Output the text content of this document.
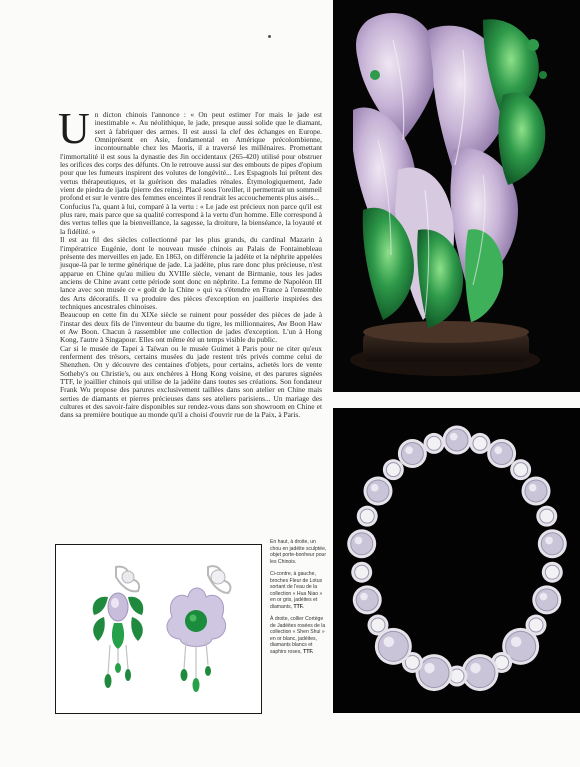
U n dicton chinois l'annonce : « On peut estimer l'or mais le jade est inestimable ». Au néolithique, le jade, presque aussi solide que le diamant, sert à fabriquer des armes. Il est aussi la clef des échanges en Europe. Omniprésent en Asie, fondamental en Amérique précolombienne, incontournable chez les Maoris, il a traversé les millénaires. Promettant l'immortalité il est sous la dynastie des Jin occidentaux (265-420) utilisé pour obstruer les orifices des corps des défunts. On le retrouve aussi sur des embouts de pipes d'opium pour que les fumeurs inspirent des volutes de longévité... Les Espagnols lui prêtent des vertus thérapeutiques, et la guérison des maladies rénales. Étymologiquement, Jade vient de piedra de ijada (pierre des reins). Placé sous l'oreiller, il permettrait un sommeil profond et sur le ventre des femmes enceintes il rendrait les accouchements plus aisés...

Confucius l'a, quant à lui, comparé à la vertu : « Le jade est précieux non parce qu'il est plus rare, mais parce que sa qualité correspond à la vertu d'un homme. Elle correspond à des vertus telles que la bienveillance, la sagesse, la droiture, la bienséance, la loyauté et la fidélité. »

Il est au fil des siècles collectionné par les plus grands, du cardinal Mazarin à l'impératrice Eugénie, dont le nouveau musée chinois au Palais de Fontainebleau présente des merveilles en jade. En 1863, on différencie la jadéite et la néphrite appelées jusque-là par le terme générique de jade. La jadéite, plus rare donc plus précieuse, n'est apparue en Chine qu'au milieu du XVIIIe siècle, venant de Birmanie, tous les jades anciens de Chine avant cette période sont donc en néphrite. La femme de Napoléon III lance avec son musée ce « goût de la Chine » qui va s'étendre en France à l'ensemble des Arts décoratifs. Il va produire des pièces d'exception en joaillerie inspirées des techniques ancestrales chinoises.

Beaucoup en cette fin du XIXe siècle se ruinent pour posséder des pièces de jade à l'instar des deux fils de l'inventeur du baume du tigre, les millionnaires, Aw Boon Haw et Aw Boon. Chacun à rassembler une collection de jades d'exception. L'un à Hong Kong, l'autre à Singapour. Elles ont même été un temps visible du public.

Car si le musée de Tapei à Taïwan ou le musée Guimet à Paris pour ne citer qu'eux renferment des trésors, certains musées du jade restent très privés comme celui de Shenzhen. On y découvre des centaines d'objets, pour certains, achetés lors de vente Sotheby's ou Christie's, ou aux enchères à Hong Kong voisine, et des parures signées TTF, le joaillier chinois qui utilise de la jadéite dans toutes ses créations. Son fondateur Frank Wu propose des parures exclusivement taillées dans son atelier en Chine mais serties de diamants et pierres précieuses dans ses ateliers parisiens... Un mariage des cultures et des savoir-faire disponibles sur rendez-vous dans son showroom en Chine et dans sa première boutique au monde qu'il a choisi d'ouvrir rue de la Paix, à Paris.

En haut, à droite, un chou en jadéite sculptée, objet porte-bonheur pour les Chinois.

Ci-contre, à gauche, broches Fleur de Lotus sortant de l'eau de la collection « Hua Niao » en or gris, jadéites et diamants, TTF.

À droite, collier Cortège de Jadéites rosées de la collection « Shen Shui » en or blanc, jadéites, diamants blancs et saphirs roses, TTF.
